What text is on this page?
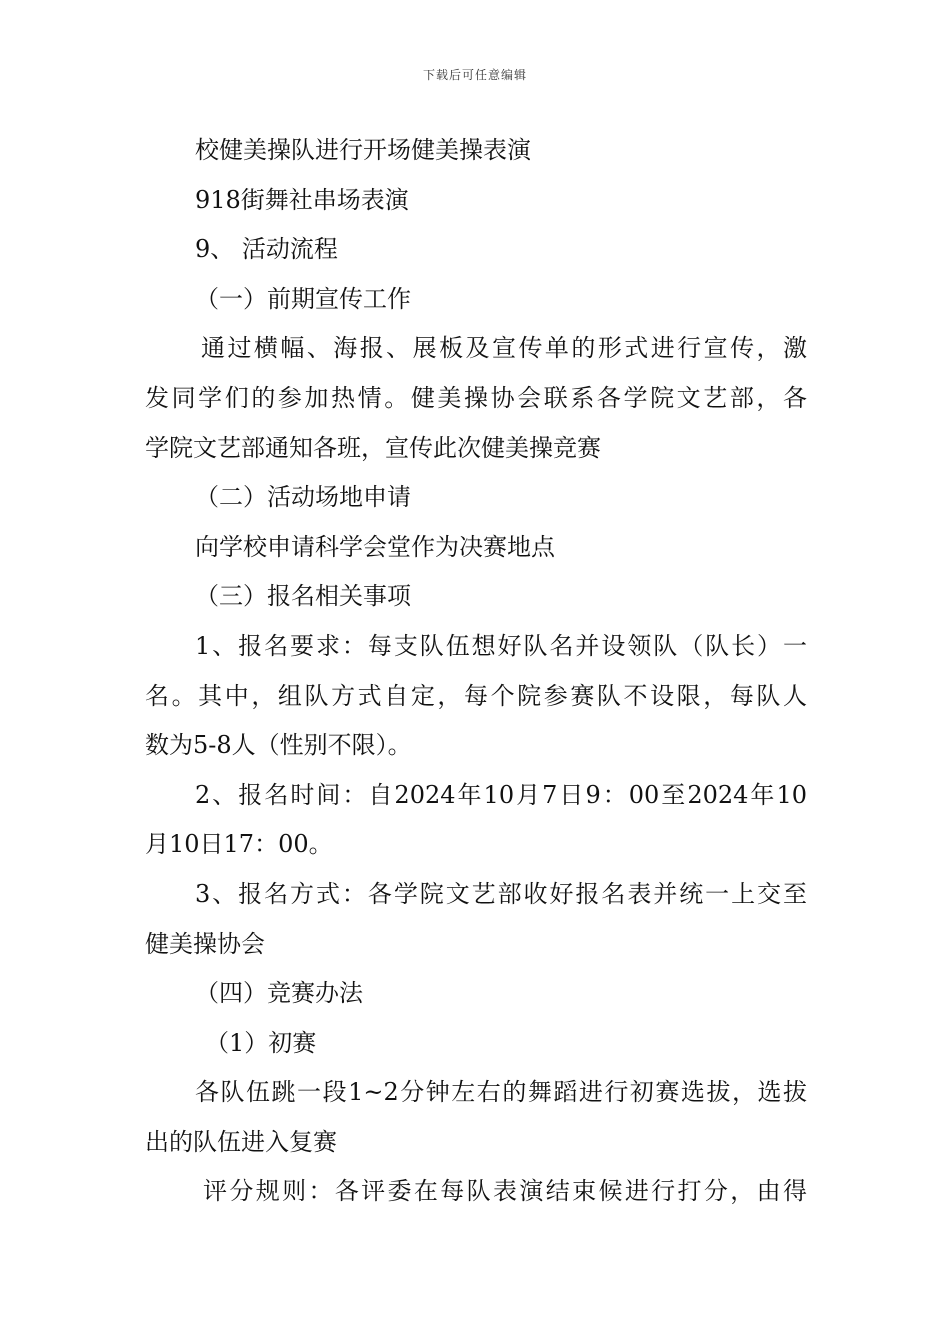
下载后可任意编辑
校健美操队进行开场健美操表演
918街舞社串场表演
9、 活动流程
（一）前期宣传工作
通过横幅、海报、展板及宣传单的形式进行宣传，激
发同学们的参加热情。健美操协会联系各学院文艺部，各
学院文艺部通知各班，宣传此次健美操竞赛
（二）活动场地申请
向学校申请科学会堂作为决赛地点
（三）报名相关事项
1、报名要求：每支队伍想好队名并设领队（队长）一
名。其中，组队方式自定，每个院参赛队不设限，每队人
数为5-8人（性别不限）。
2、报名时间：自2024年10月7日9：00至2024年10
月10日17：00。
3、报名方式：各学院文艺部收好报名表并统一上交至
健美操协会
（四）竞赛办法
（1）初赛
各队伍跳一段1~2分钟左右的舞蹈进行初赛选拔，选拔
出的队伍进入复赛
评分规则：各评委在每队表演结束候进行打分，由得
